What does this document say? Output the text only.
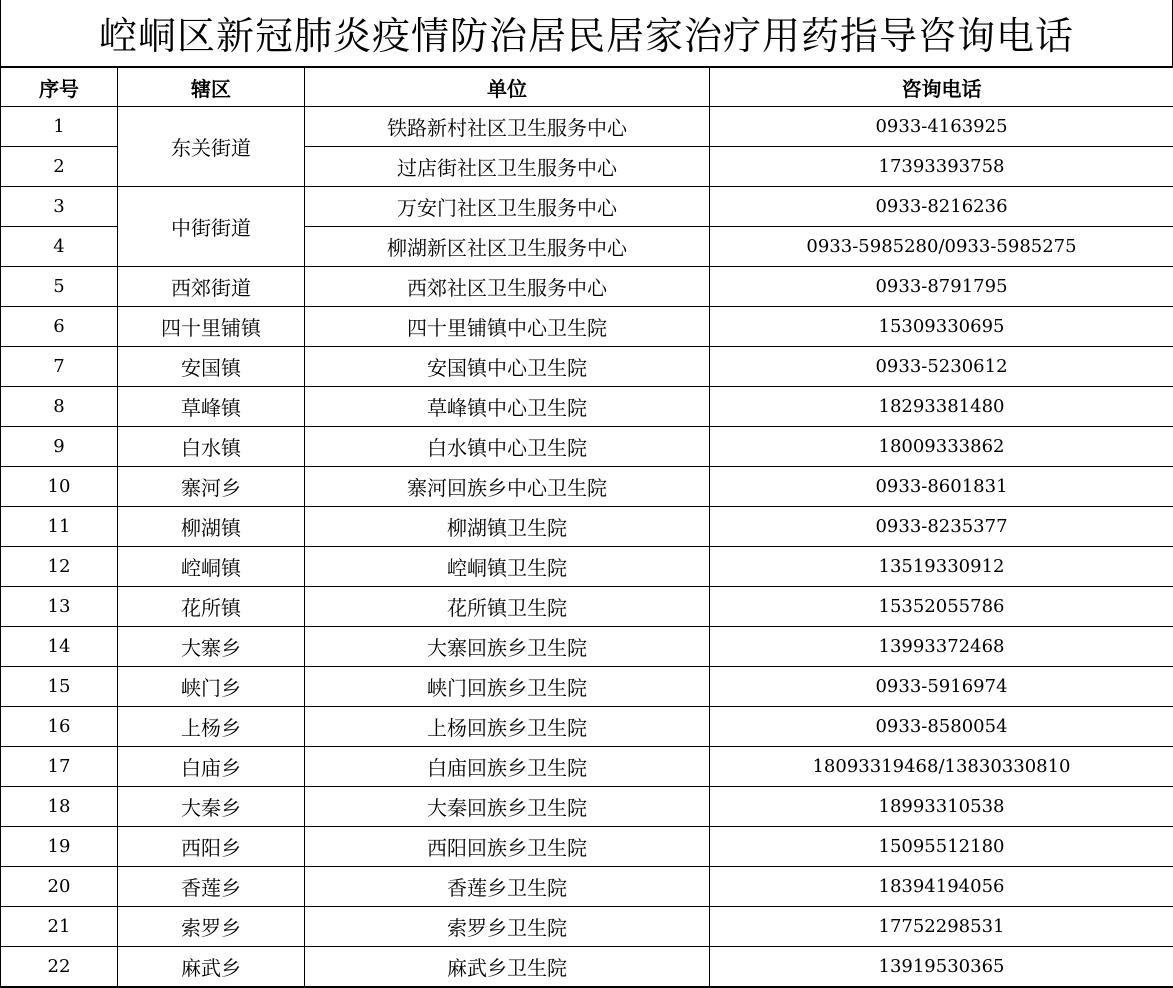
崆峒区新冠肺炎疫情防治居民居家治疗用药指导咨询电话
序号	辖区	单位	咨询电话
1	东关街道	铁路新村社区卫生服务中心	0933-4163925
2		过店街社区卫生服务中心	17393393758
3	中街街道	万安门社区卫生服务中心	0933-8216236
4		柳湖新区社区卫生服务中心	0933-5985280/0933-5985275
5	西郊街道	西郊社区卫生服务中心	0933-8791795
6	四十里铺镇	四十里铺镇中心卫生院	15309330695
7	安国镇	安国镇中心卫生院	0933-5230612
8	草峰镇	草峰镇中心卫生院	18293381480
9	白水镇	白水镇中心卫生院	18009333862
10	寨河乡	寨河回族乡中心卫生院	0933-8601831
11	柳湖镇	柳湖镇卫生院	0933-8235377
12	崆峒镇	崆峒镇卫生院	13519330912
13	花所镇	花所镇卫生院	15352055786
14	大寨乡	大寨回族乡卫生院	13993372468
15	峡门乡	峡门回族乡卫生院	0933-5916974
16	上杨乡	上杨回族乡卫生院	0933-8580054
17	白庙乡	白庙回族乡卫生院	18093319468/13830330810
18	大秦乡	大秦回族乡卫生院	18993310538
19	西阳乡	西阳回族乡卫生院	15095512180
20	香莲乡	香莲乡卫生院	18394194056
21	索罗乡	索罗乡卫生院	17752298531
22	麻武乡	麻武乡卫生院	13919530365
